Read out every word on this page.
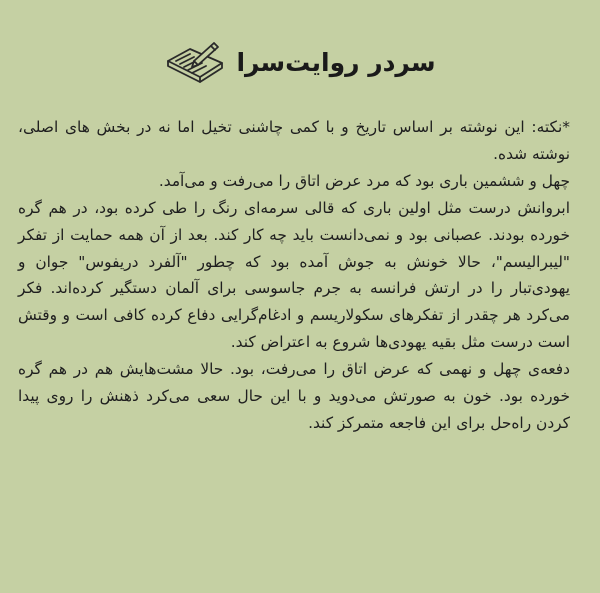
سردر روایت‌سرا

*نکته: این نوشته بر اساس تاریخ و با کمی چاشنی تخیل اما نه در بخش های اصلی، نوشته شده.

چهل و ششمین باری بود که مرد عرض اتاق را می‌رفت و می‌آمد.

ابروانش درست مثل اولین باری که قالی سرمه‌ای رنگ را طی کرده بود، در هم گره خورده بودند. عصبانی بود و نمی‌دانست باید چه کار کند. بعد از آن همه حمایت از تفکر "لیبرالیسم"، حالا خونش به جوش آمده بود که چطور "آلفرد دریفوس" جوان و یهودی‌تبار را در ارتش فرانسه به جرم جاسوسی برای آلمان دستگیر کرده‌اند. فکر می‌کرد هر چقدر از تفکرهای سکولاریسم و ادغام‌گرایی دفاع کرده کافی است و وقتش است درست مثل بقیه یهودی‌ها شروع به اعتراض کند.

دفعه‌ی چهل و نهمی که عرض اتاق را می‌رفت، بود. حالا مشت‌هایش هم در هم گره خورده بود. خون به صورتش می‌دوید و با این حال سعی می‌کرد ذهنش را روی پیدا کردن راه‌حل برای این فاجعه متمرکز کند.
